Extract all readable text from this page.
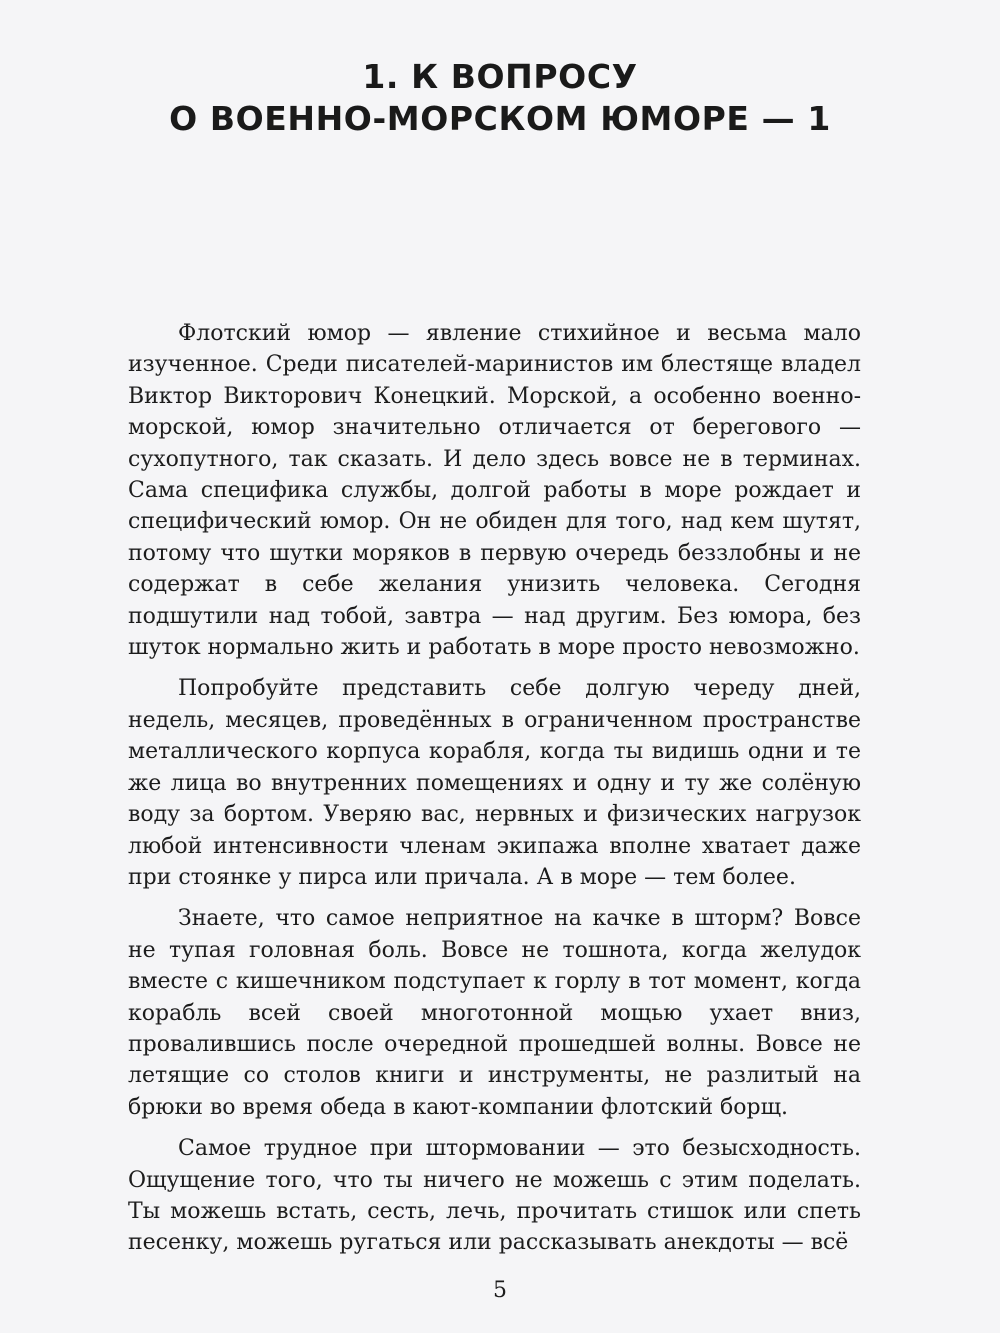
1. К ВОПРОСУ
О ВОЕННО-МОРСКОМ ЮМОРЕ — 1

Флотский юмор — явление стихийное и весьма мало изученное. Среди писателей-маринистов им блестяще владел Виктор Викторович Конецкий. Морской, а особенно военно-морской, юмор значительно отличается от берегового — сухопутного, так сказать. И дело здесь вовсе не в терминах. Сама специфика службы, долгой работы в море рождает и специфический юмор. Он не обиден для того, над кем шутят, потому что шутки моряков в первую очередь беззлобны и не содержат в себе желания унизить человека. Сегодня подшутили над тобой, завтра — над другим. Без юмора, без шуток нормально жить и работать в море просто невозможно.

Попробуйте представить себе долгую череду дней, недель, месяцев, проведённых в ограниченном пространстве металлического корпуса корабля, когда ты видишь одни и те же лица во внутренних помещениях и одну и ту же солёную воду за бортом. Уверяю вас, нервных и физических нагрузок любой интенсивности членам экипажа вполне хватает даже при стоянке у пирса или причала. А в море — тем более.

Знаете, что самое неприятное на качке в шторм? Вовсе не тупая головная боль. Вовсе не тошнота, когда желудок вместе с кишечником подступает к горлу в тот момент, когда корабль всей своей многотонной мощью ухает вниз, провалившись после очередной прошедшей волны. Вовсе не летящие со столов книги и инструменты, не разлитый на брюки во время обеда в кают-компании флотский борщ.

Самое трудное при штормовании — это безысходность. Ощущение того, что ты ничего не можешь с этим поделать. Ты можешь встать, сесть, лечь, прочитать стишок или спеть песенку, можешь ругаться или рассказывать анекдоты — всё

5
